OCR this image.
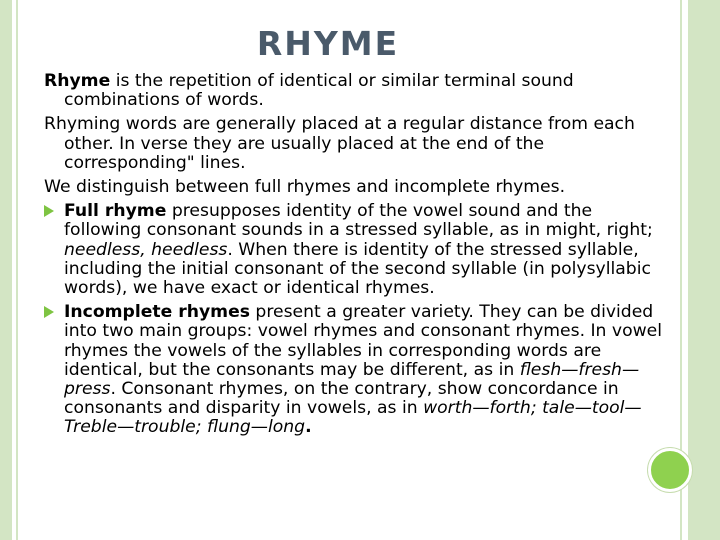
RHYME
Rhyme is the repetition of identical or similar terminal sound combinations of words.
Rhyming words are generally placed at a regular distance from each other. In verse they are usually placed at the end of the corresponding" lines.
We distinguish between full rhymes and incomplete rhymes.
Full rhyme presupposes identity of the vowel sound and the following consonant sounds in a stressed syllable, as in might, right; needless, heedless. When there is identity of the stressed syllable, including the initial consonant of the second syllable (in polysyllabic words), we have exact or identical rhymes.
Incomplete rhymes present a greater variety. They can be divided into two main groups: vowel rhymes and consonant rhymes. In vowel rhymes the vowels of the syllables in corresponding words are identical, but the consonants may be different, as in flesh—fresh—press. Consonant rhymes, on the contrary, show concordance in consonants and disparity in vowels, as in worth—forth; tale—tool—Treble—trouble; flung—long.
